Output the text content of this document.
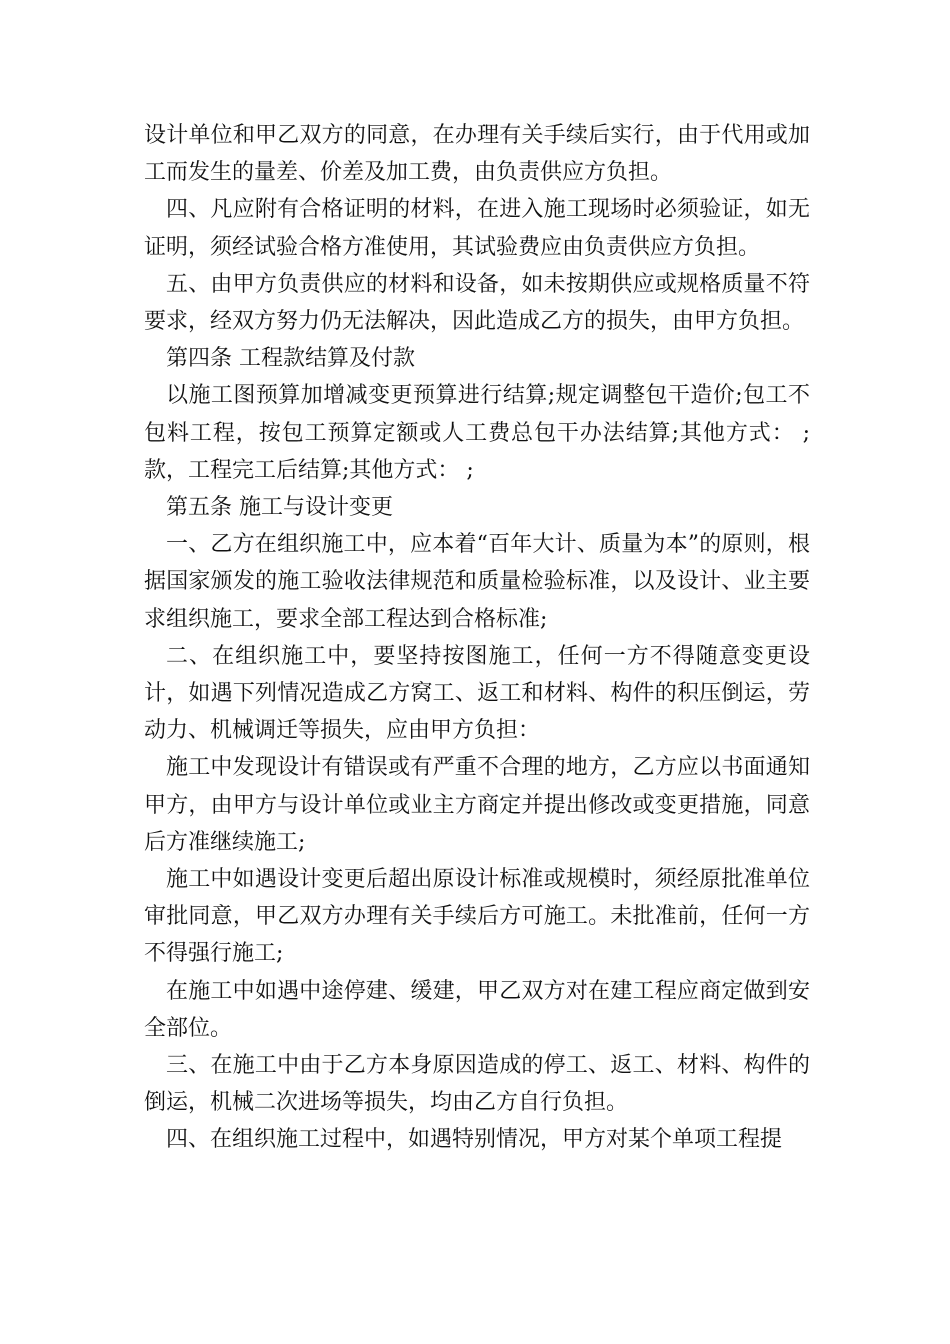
设计单位和甲乙双方的同意，在办理有关手续后实行，由于代用或加工而发生的量差、价差及加工费，由负责供应方负担。

四、凡应附有合格证明的材料，在进入施工现场时必须验证，如无证明，须经试验合格方准使用，其试验费应由负责供应方负担。

五、由甲方负责供应的材料和设备，如未按期供应或规格质量不符要求，经双方努力仍无法解决，因此造成乙方的损失，由甲方负担。

第四条 工程款结算及付款

以施工图预算加增减变更预算进行结算;规定调整包干造价;包工不包料工程，按包工预算定额或人工费总包干办法结算;其他方式： ;款，工程完工后结算;其他方式： ;

第五条 施工与设计变更

一、乙方在组织施工中，应本着“百年大计、质量为本”的原则，根据国家颁发的施工验收法律规范和质量检验标准，以及设计、业主要求组织施工，要求全部工程达到合格标准;

二、在组织施工中，要坚持按图施工，任何一方不得随意变更设计，如遇下列情况造成乙方窝工、返工和材料、构件的积压倒运，劳动力、机械调迁等损失，应由甲方负担：

施工中发现设计有错误或有严重不合理的地方，乙方应以书面通知甲方，由甲方与设计单位或业主方商定并提出修改或变更措施，同意后方准继续施工;

施工中如遇设计变更后超出原设计标准或规模时，须经原批准单位审批同意，甲乙双方办理有关手续后方可施工。未批准前，任何一方不得强行施工;

在施工中如遇中途停建、缓建，甲乙双方对在建工程应商定做到安全部位。

三、在施工中由于乙方本身原因造成的停工、返工、材料、构件的倒运，机械二次进场等损失，均由乙方自行负担。

四、在组织施工过程中，如遇特别情况，甲方对某个单项工程提
